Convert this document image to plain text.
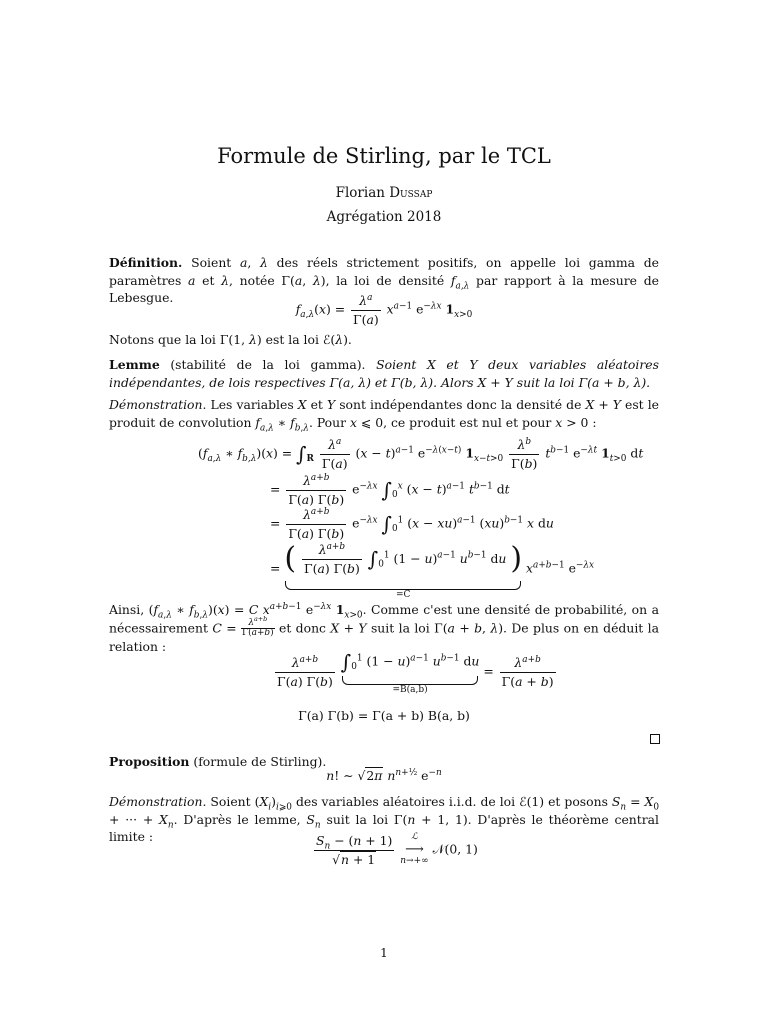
Formule de Stirling, par le TCL
Florian Dussap
Agrégation 2018
Définition. Soient a, λ des réels strictement positifs, on appelle loi gamma de paramètres a et λ, notée Γ(a, λ), la loi de densité $f_{a,\lambda}$ par rapport à la mesure de Lebesgue.
$f_{a,\lambda}(x) = \frac{\lambda^a}{\Gamma(a)} x^{a-1}$ $e^{-\lambda x}$ $1_{x>0}$
Notons que la loi Γ(1, λ) est la loi ℰ(λ).
Lemme (stabilité de la loi gamma). Soient X et Y deux variables aléatoires indépendantes, de lois respectives Γ(a, λ) et Γ(b, λ). Alors X + Y suit la loi Γ(a + b, λ).
Démonstration. Les variables X et Y sont indépendantes donc la densité de X + Y est le produit de convolution $f_{a,\lambda}$ ∗ $f_{b,\lambda}$. Pour x ⩽ 0, ce produit est nul et pour x > 0 :
($f_{a,\lambda}$ ∗ $f_{b,\lambda})(x) = \int_R \frac{\lambda^a}{\Gamma(a)} (x - t)^{a-1}$ $e^{-\lambda(x-t)}$ $1_{x-t>0} \frac{\lambda^b}{\Gamma(b)} t^{b-1}$ $e^{-\lambda t}$ $1_{t>0}$ dt
= $\frac{\lambda^{a+b}}{\Gamma(a) \Gamma(b)} e^{-\lambda x}$ $\int_0^x$ $(x - t)^{a-1}$ $t^{b-1}$ dt
= $\frac{\lambda^{a+b}}{\Gamma(a) \Gamma(b)} e^{-\lambda x}$ $\int_0^1$ (x − xu)$^{a-1}$ (xu)$^{b-1}$ x du
= ( $\frac{\lambda^{a+b}}{\Gamma(a) \Gamma(b)} \int_0^1$ $(1 - u)^{a-1}$ $u^{b-1}$ du )
=C
$x^{a+b-1}$ $e^{-\lambda x}$
Ainsi, ($f_{a,\lambda}$ ∗ $f_{b,\lambda})(x) = C$ $x^{a+b-1}$ $e^{-\lambda x}$ $1_{x>0}$. Comme c'est une densité de probabilité, on a nécessairement $C = \frac{\lambda^{a+b}}{\Gamma(a+b)}$ et donc X + Y suit la loi Γ(a + b, λ). De plus on en déduit la relation :
$\frac{\lambda^{a+b}}{\Gamma(a) \Gamma(b)} \int_0^1$ $(1 - u)^{a-1}$ $u^{b-1}$ du
=B(a,b)
= $\frac{\lambda^{a+b}}{\Gamma(a + b)}$
Γ(a) Γ(b) = Γ(a + b) B(a, b)
Proposition (formule de Stirling).
n! ∼ √2π $n^{n+\frac{1}{2}}$ $e^{-n}$
Démonstration. Soient $(X_i)_{i⩾0}$ des variables aléatoires i.i.d. de loi ℰ(1) et posons $S_n = X_0$ + ··· + $X_n$. D'après le lemme, $S_n$ suit la loi Γ(n + 1, 1). D'après le théorème central limite :	$\frac{S_n - (n + 1)}{√n + 1}$
	ℒ
⟶
n→+∞
𝒩(0, 1)
1
